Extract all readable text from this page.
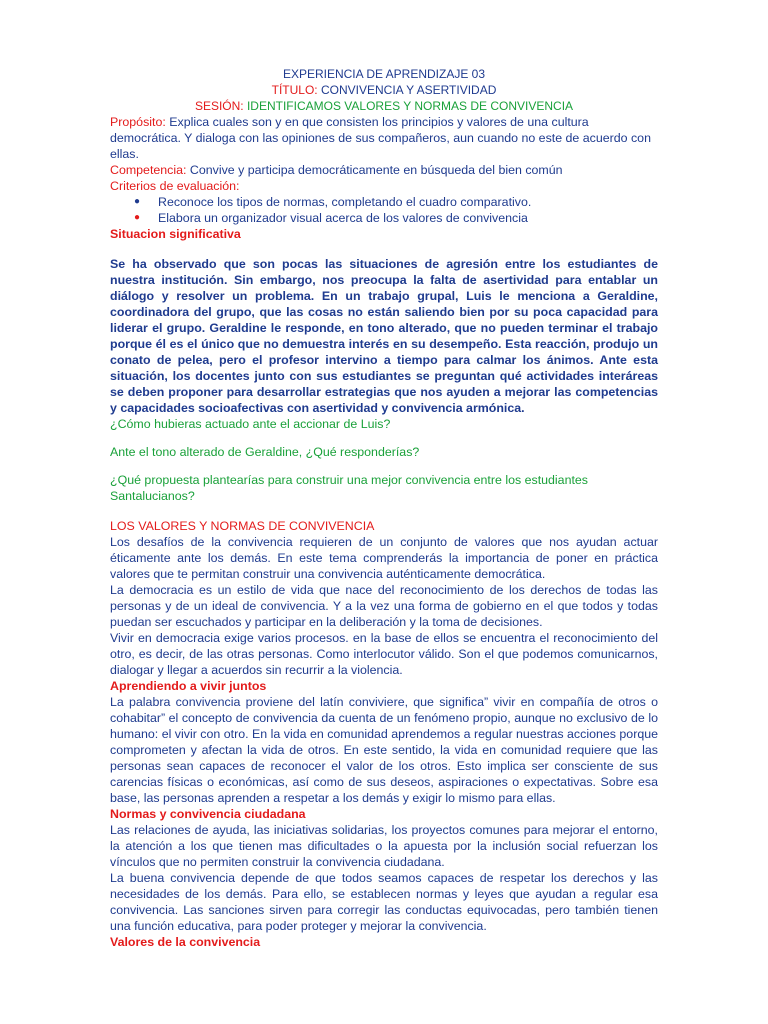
EXPERIENCIA DE APRENDIZAJE 03
TÍTULO: CONVIVENCIA Y ASERTIVIDAD
SESIÓN: IDENTIFICAMOS VALORES Y NORMAS DE CONVIVENCIA

Propósito: Explica cuales son y en que consisten los principios y valores de una cultura democrática. Y dialoga con las opiniones de sus compañeros, aun cuando no este de acuerdo con ellas.

Competencia: Convive y participa democráticamente en búsqueda del bien común

Criterios de evaluación:

●	Reconoce los tipos de normas, completando el cuadro comparativo.
●	Elabora un organizador visual acerca de los valores de convivencia

Situacion significativa

Se ha observado que son pocas las situaciones de agresión entre los estudiantes de nuestra institución. Sin embargo, nos preocupa la falta de asertividad para entablar un diálogo y resolver un problema. En un trabajo grupal, Luis le menciona a Geraldine, coordinadora del grupo, que las cosas no están saliendo bien por su poca capacidad para liderar el grupo. Geraldine le responde, en tono alterado, que no pueden terminar el trabajo porque él es el único que no demuestra interés en su desempeño. Esta reacción, produjo un conato de pelea, pero el profesor intervino a tiempo para calmar los ánimos. Ante esta situación, los docentes junto con sus estudiantes se preguntan qué actividades interáreas se deben proponer para desarrollar estrategias que nos ayuden a mejorar las competencias y capacidades socioafectivas con asertividad y convivencia armónica.

¿Cómo hubieras actuado ante el accionar de Luis?

Ante el tono alterado de Geraldine, ¿Qué responderías?

¿Qué propuesta plantearías para construir una mejor convivencia entre los estudiantes Santalucianos?

LOS VALORES Y NORMAS DE CONVIVENCIA

Los desafíos de la convivencia requieren de un conjunto de valores que nos ayudan actuar éticamente ante los demás. En este tema comprenderás la importancia de poner en práctica valores que te permitan construir una convivencia auténticamente democrática.

La democracia es un estilo de vida que nace del reconocimiento de los derechos de todas las personas y de un ideal de convivencia. Y a la vez una forma de gobierno en el que todos y todas puedan ser escuchados y participar en la deliberación y la toma de decisiones.

Vivir en democracia exige varios procesos. en la base de ellos se encuentra el reconocimiento del otro, es decir, de las otras personas. Como interlocutor válido. Son el que podemos comunicarnos, dialogar y llegar a acuerdos sin recurrir a la violencia.

Aprendiendo a vivir juntos

La palabra convivencia proviene del latín conviviere, que significa” vivir en compañía de otros o cohabitar” el concepto de convivencia da cuenta de un fenómeno propio, aunque no exclusivo de lo humano: el vivir con otro. En la vida en comunidad aprendemos a regular nuestras acciones porque comprometen y afectan la vida de otros. En este sentido, la vida en comunidad requiere que las personas sean capaces de reconocer el valor de los otros. Esto implica ser consciente de sus carencias físicas o económicas, así como de sus deseos, aspiraciones o expectativas. Sobre esa base, las personas aprenden a respetar a los demás y exigir lo mismo para ellas.

Normas y convivencia ciudadana

Las relaciones de ayuda, las iniciativas solidarias, los proyectos comunes para mejorar el entorno, la atención a los que tienen mas dificultades o la apuesta por la inclusión social refuerzan los vínculos que no permiten construir la convivencia ciudadana.

La buena convivencia depende de que todos seamos capaces de respetar los derechos y las necesidades de los demás. Para ello, se establecen normas y leyes que ayudan a regular esa convivencia. Las sanciones sirven para corregir las conductas equivocadas, pero también tienen una función educativa, para poder proteger y mejorar la convivencia.

Valores de la convivencia
